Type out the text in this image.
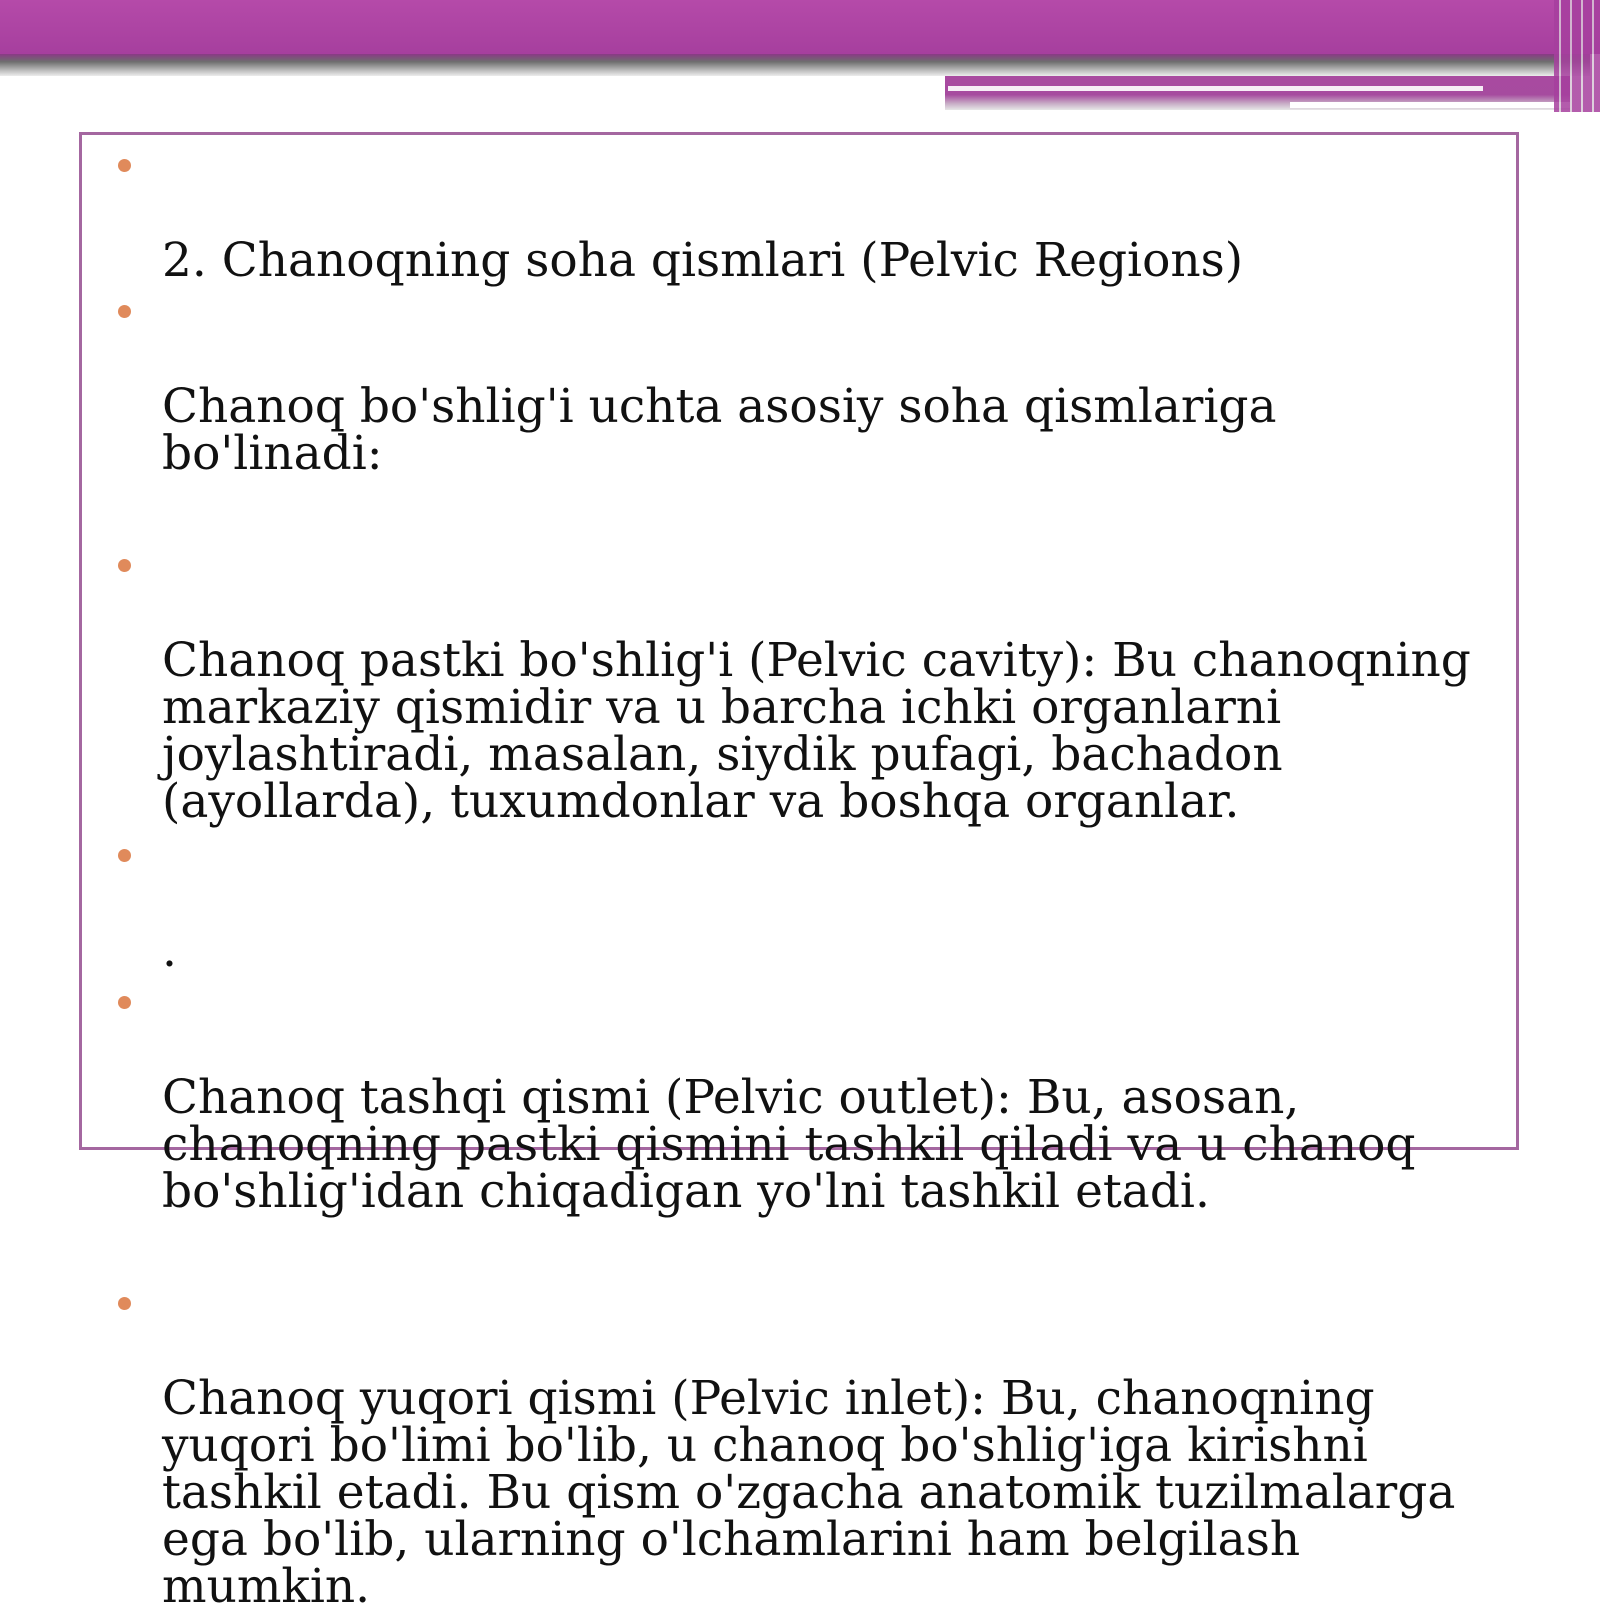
2. Chanoqning soha qismlari (Pelvic Regions)

Chanoq bo'shlig'i uchta asosiy soha qismlariga bo'linadi:

Chanoq pastki bo'shlig'i (Pelvic cavity): Bu chanoqning
markaziy qismidir va u barcha ichki organlarni
joylashtiradi, masalan, siydik pufagi, bachadon
(ayollarda), tuxumdonlar va boshqa organlar.

.

Chanoq tashqi qismi (Pelvic outlet): Bu, asosan,
chanoqning pastki qismini tashkil qiladi va u chanoq
bo'shlig'idan chiqadigan yo'lni tashkil etadi.

Chanoq yuqori qismi (Pelvic inlet): Bu, chanoqning
yuqori bo'limi bo'lib, u chanoq bo'shlig'iga kirishni
tashkil etadi. Bu qism o'zgacha anatomik tuzilmalarga
ega bo'lib, ularning o'lchamlarini ham belgilash mumkin.
